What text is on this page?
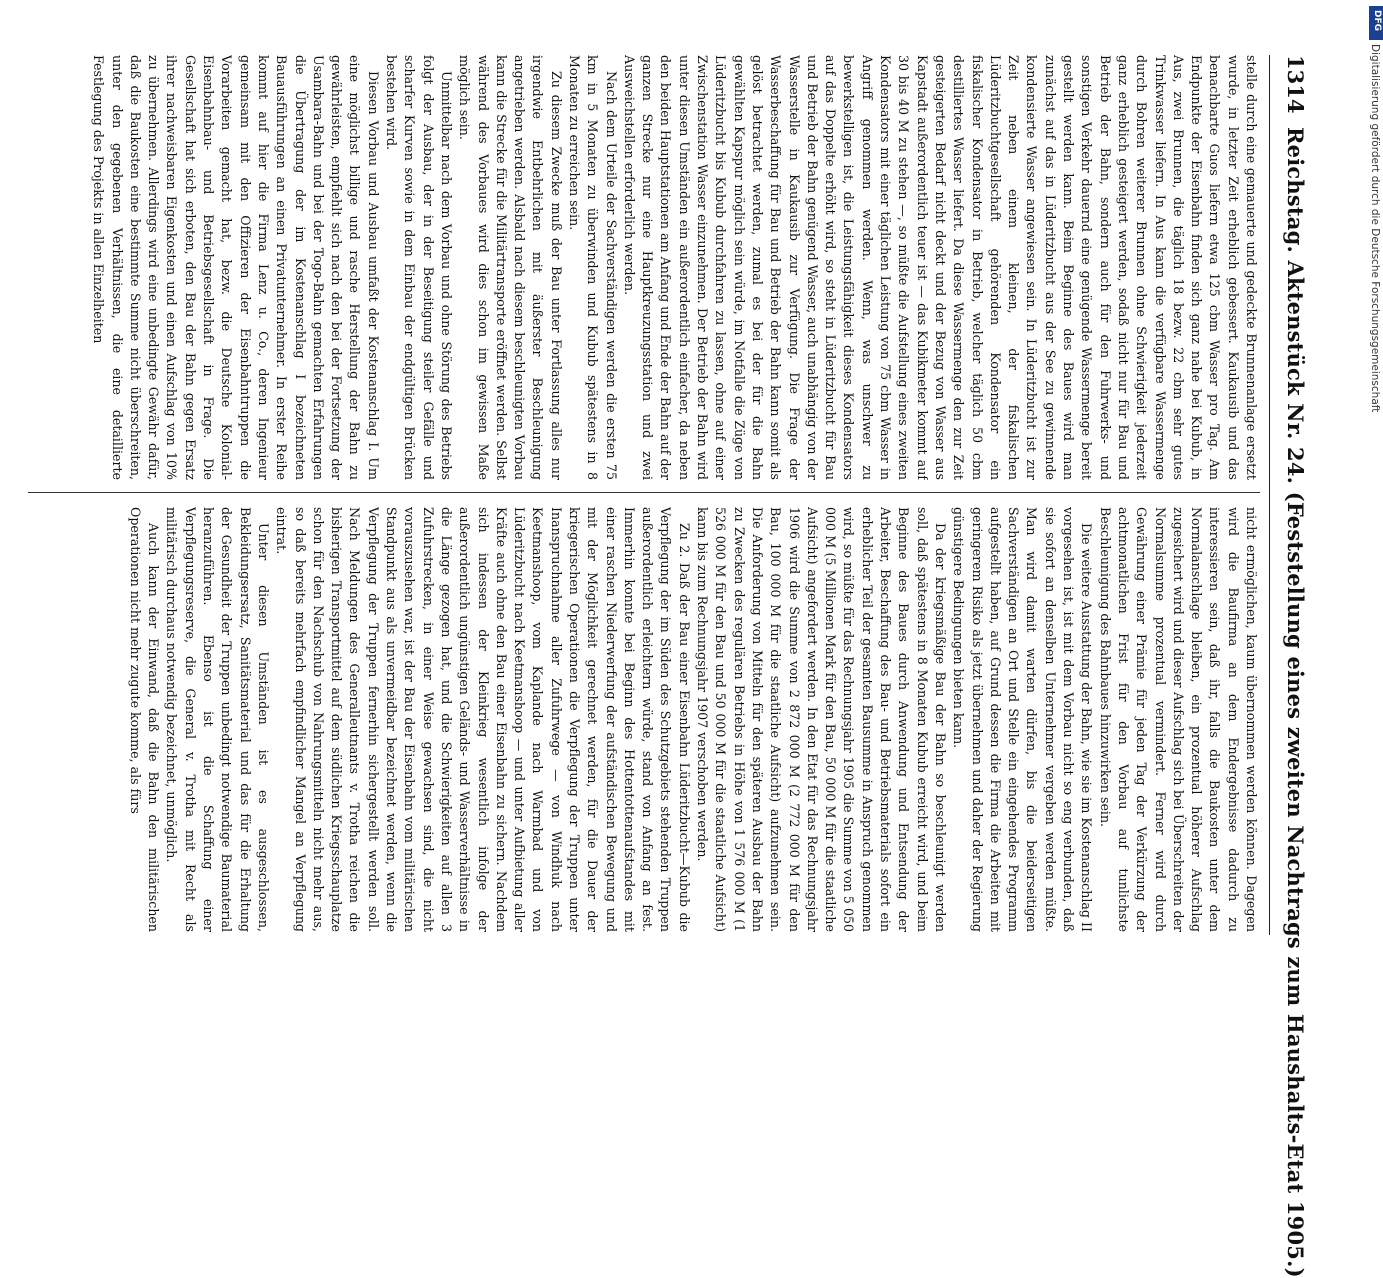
1314
Reichstag. Aktenstück Nr. 24. (Feststellung eines zweiten Nachtrags zum Haushalts-Etat 1905.)

stelle durch eine gemauerte und gedeckte Brunnenanlage ersetzt wurde, in letzter Zeit erheblich gebessert. Kaukausib und das benachbarte Guos liefern etwa 125 cbm Wasser pro Tag. Am Endpunkte der Eisenbahn finden sich ganz nahe bei Kubub, in Aus, zwei Brunnen, die täglich 18 bezw. 22 cbm sehr gutes Trinkwasser liefern. In Aus kann die verfügbare Wassermenge durch Bohren weiterer Brunnen ohne Schwierigkeit jederzeit ganz erheblich gesteigert werden, sodaß nicht nur für Bau und Betrieb der Bahn, sondern auch für den Fuhrwerks- und sonstigen Verkehr dauernd eine genügende Wassermenge bereit gestellt werden kann. Beim Beginne des Baues wird man zunächst auf das in Lüderitzbucht aus der See zu gewinnende kondensierte Wasser angewiesen sein. In Lüderitzbucht ist zur Zeit neben einem kleinen, der fiskalischen Lüderitzbuchtgesellschaft gehörenden Kondensator ein fiskalischer Kondensator in Betrieb, welcher täglich 50 cbm destilliertes Wasser liefert. Da diese Wassermenge den zur Zeit gesteigerten Bedarf nicht deckt und der Bezug von Wasser aus Kapstadt außerordentlich teuer ist — das Kubikmeter kommt auf 30 bis 40 M zu stehen —, so müßte die Aufstellung eines zweiten Kondensators mit einer täglichen Leistung von 75 cbm Wasser in Angriff genommen werden. Wenn, was unschwer zu bewerkstelligen ist, die Leistungsfähigkeit dieses Kondensators auf das Doppelte erhöht wird, so steht in Lüderitzbucht für Bau und Betrieb der Bahn genügend Wasser, auch unabhängig von der Wasserstelle in Kaukausib zur Verfügung. Die Frage der Wasserbeschaffung für Bau und Betrieb der Bahn kann somit als gelöst betrachtet werden, zumal es bei der für die Bahn gewählten Kapspur möglich sein würde, im Notfalle die Züge von Lüderitzbucht bis Kubub durchfahren zu lassen, ohne auf einer Zwischenstation Wasser einzunehmen. Der Betrieb der Bahn wird unter diesen Umständen ein außerordentlich einfacher, da neben den beiden Hauptstationen am Anfang und Ende der Bahn auf der ganzen Strecke nur eine Hauptkreuzungsstation und zwei Ausweichstellen erforderlich werden.

Nach dem Urteile der Sachverständigen werden die ersten 75 km in 5 Monaten zu überwinden und Kubub spätestens in 8 Monaten zu erreichen sein.

Zu diesem Zwecke muß der Bau unter Fortlassung alles nur irgendwie Entbehrlichen mit äußerster Beschleunigung angetrieben werden. Alsbald nach diesem beschleunigten Vorbau kann die Strecke für die Militärtransporte eröffnet werden. Selbst während des Vorbaues wird dies schon im gewissen Maße möglich sein.

Unmittelbar nach dem Vorbau und ohne Störung des Betriebs folgt der Ausbau, der in der Beseitigung steiler Gefälle und scharfer Kurven sowie in dem Einbau der endgültigen Brücken bestehen wird.

Diesen Vorbau und Ausbau umfaßt der Kostenanschlag I. Um eine möglichst billige und rasche Herstellung der Bahn zu gewährleisten, empfiehlt sich nach den bei der Fortsetzung der Usambara-Bahn und bei der Togo-Bahn gemachten Erfahrungen die Übertragung der im Kostenanschlag I bezeichneten Bauausführungen an einen Privatunternehmer. In erster Reihe kommt auf hier die Firma Lenz u. Co., deren Ingenieur gemeinsam mit den Offizieren der Eisenbahntruppen die Vorarbeiten gemacht hat, bezw. die Deutsche Kolonial-Eisenbahnbau- und Betriebsgesellschaft in Frage. Die Gesellschaft hat sich erboten, den Bau der Bahn gegen Ersatz ihrer nachweisbaren Eigenkosten und einen Aufschlag von 10% zu übernehmen. Allerdings wird eine unbedingte Gewähr dafür, daß die Baukosten eine bestimmte Summe nicht überschreiten, unter den gegebenen Verhältnissen, die eine detaillierte Festlegung des Projekts in allen Einzelheiten

nicht ermöglichen, kaum übernommen werden können. Dagegen wird die Baufirma an dem Endergebnisse dadurch zu interessieren sein, daß ihr, falls die Baukosten unter dem Normalanschlage bleiben, ein prozentual höherer Aufschlag zugesichert wird und dieser Aufschlag sich bei Überschreiten der Normalsumme prozentual vermindert. Ferner wird durch Gewährung einer Prämie für jeden Tag der Verkürzung der achtmonatlichen Frist für den Vorbau auf tunlichste Beschleunigung des Bahnbaues hinzuwirken sein.

Die weitere Ausstattung der Bahn, wie sie im Kostenanschlag II vorgesehen ist, ist mit dem Vorbau nicht so eng verbunden, daß sie sofort an denselben Unternehmer vergeben werden müßte. Man wird damit warten dürfen, bis die beiderseitigen Sachverständigen an Ort und Stelle ein eingehendes Programm aufgestellt haben, auf Grund dessen die Firma die Arbeiten mit geringerem Risiko als jetzt übernehmen und daher der Regierung günstigere Bedingungen bieten kann.

Da der kriegsmäßige Bau der Bahn so beschleunigt werden soll, daß spätestens in 8 Monaten Kubub erreicht wird, und beim Beginne des Baues durch Anwendung und Entsendung der Arbeiter, Beschaffung des Bau- und Betriebsmaterials sofort ein erheblicher Teil der gesamten Bausumme in Anspruch genommen wird, so müßte für das Rechnungsjahr 1905 die Summe von 5 050 000 M (5 Millionen Mark für den Bau, 50 000 M für die staatliche Aufsicht) angefordert werden. In den Etat für das Rechnungsjahr 1906 wird die Summe von 2 872 000 M (2 772 000 M für den Bau, 100 000 M für die staatliche Aufsicht) aufzunehmen sein. Die Anforderung von Mitteln für den späteren Ausbau der Bahn zu Zwecken des regulären Betriebs in Höhe von 1 576 000 M (1 526 000 M für den Bau und 50 000 M für die staatliche Aufsicht) kann bis zum Rechnungsjahr 1907 verschoben werden.

Zu 2. Daß der Bau einer Eisenbahn Lüderitzbucht—Kubub die Verpflegung der im Süden des Schutzgebiets stehenden Truppen außerordentlich erleichtern würde, stand von Anfang an fest. Immerhin konnte bei Beginn des Hottentottenaufstandes mit einer raschen Niederwerfung der aufständischen Bewegung und mit der Möglichkeit gerechnet werden, für die Dauer der kriegerischen Operationen die Verpflegung der Truppen unter Inanspruchnahme aller Zufuhrwege — von Windhuk nach Keetmanshoop, vom Kaplande nach Warmbad und von Lüderitzbucht nach Keetmanshoop — und unter Aufbietung aller Kräfte auch ohne den Bau einer Eisenbahn zu sichern. Nachdem sich indessen der Kleinkrieg wesentlich infolge der außerordentlich ungünstigen Geländs- und Wasserverhältnisse in die Länge gezogen hat, und die Schwierigkeiten auf allen 3 Zufuhrstrecken, in einer Weise gewachsen sind, die nicht vorauszusehen war, ist der Bau der Eisenbahn vom militärischen Standpunkt aus als unvermeidbar bezeichnet werden, wenn die Verpflegung der Truppen fernerhin sichergestellt werden soll. Nach Meldungen des Generalleutnants v. Trotha reichen die bisherigen Transportmittel auf dem südlichen Kriegsschauplatze schon für den Nachschub von Nahrungsmitteln nicht mehr aus, so daß bereits mehrfach empfindlicher Mangel an Verpflegung eintrat.

Unter diesen Umständen ist es ausgeschlossen, Bekleidungsersatz, Sanitätsmaterial und das für die Erhaltung der Gesundheit der Truppen unbedingt notwendige Baumaterial heranzuführen. Ebenso ist die Schaffung einer Verpflegungsreserve, die General v. Trotha mit Recht als militärisch durchaus notwendig bezeichnet, unmöglich.

Auch kann der Einwand, daß die Bahn den militärischen Operationen nicht mehr zugute komme, als fürs

DFG
Digitalisierung gefördert durch die Deutsche Forschungsgemeinschaft
